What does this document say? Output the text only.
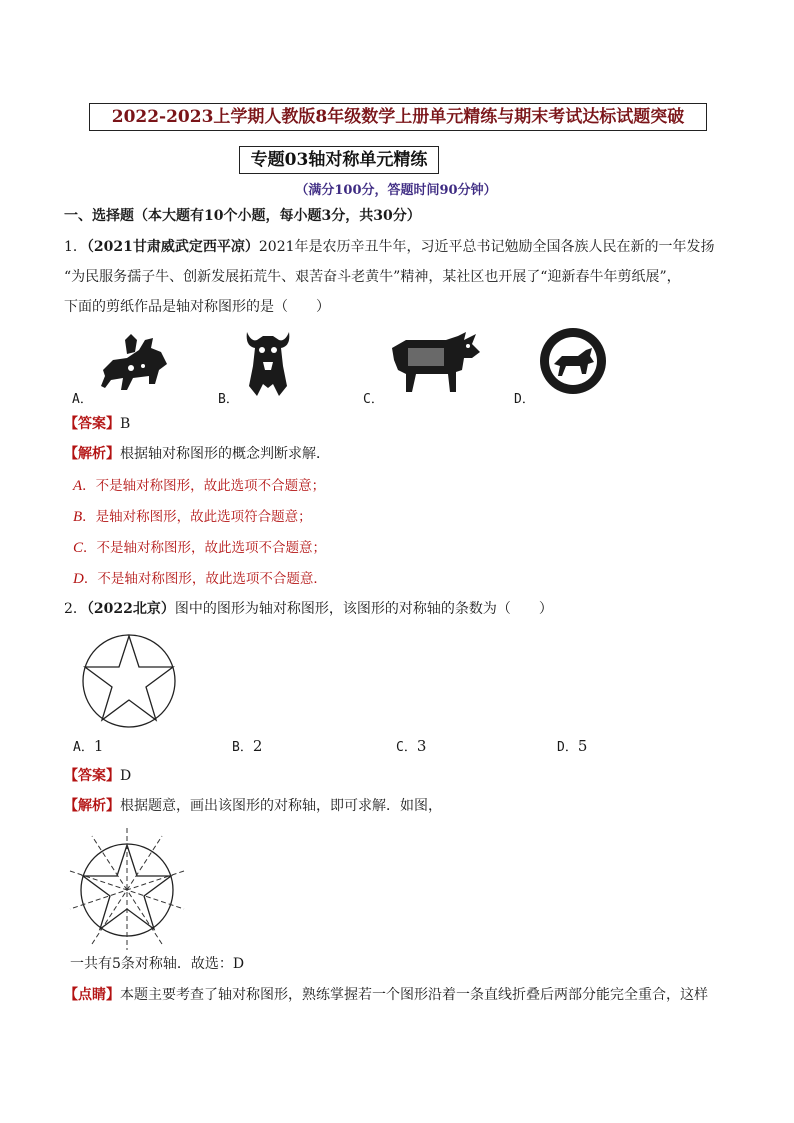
2022-2023上学期人教版8年级数学上册单元精练与期末考试达标试题突破
专题03轴对称单元精练
（满分100分，答题时间90分钟）
一、选择题（本大题有10个小题，每小题3分，共30分）
1．（2021甘肃威武定西平凉）2021年是农历辛丑牛年，习近平总书记勉励全国各族人民在新的一年发扬
“为民服务孺子牛、创新发展拓荒牛、艰苦奋斗老黄牛”精神，某社区也开展了“迎新春牛年剪纸展”，
下面的剪纸作品是轴对称图形的是（　　）
A．	B．	C．	D．
【答案】B
【解析】根据轴对称图形的概念判断求解．
A．不是轴对称图形，故此选项不合题意；
B．是轴对称图形，故此选项符合题意；
C．不是轴对称图形，故此选项不合题意；
D．不是轴对称图形，故此选项不合题意．
2．（2022北京）图中的图形为轴对称图形，该图形的对称轴的条数为（　　）
A．1	B．2	C．3	D．5
【答案】D
【解析】根据题意，画出该图形的对称轴，即可求解．如图，
一共有5条对称轴．故选：D
【点睛】本题主要考查了轴对称图形，熟练掌握若一个图形沿着一条直线折叠后两部分能完全重合，这样
